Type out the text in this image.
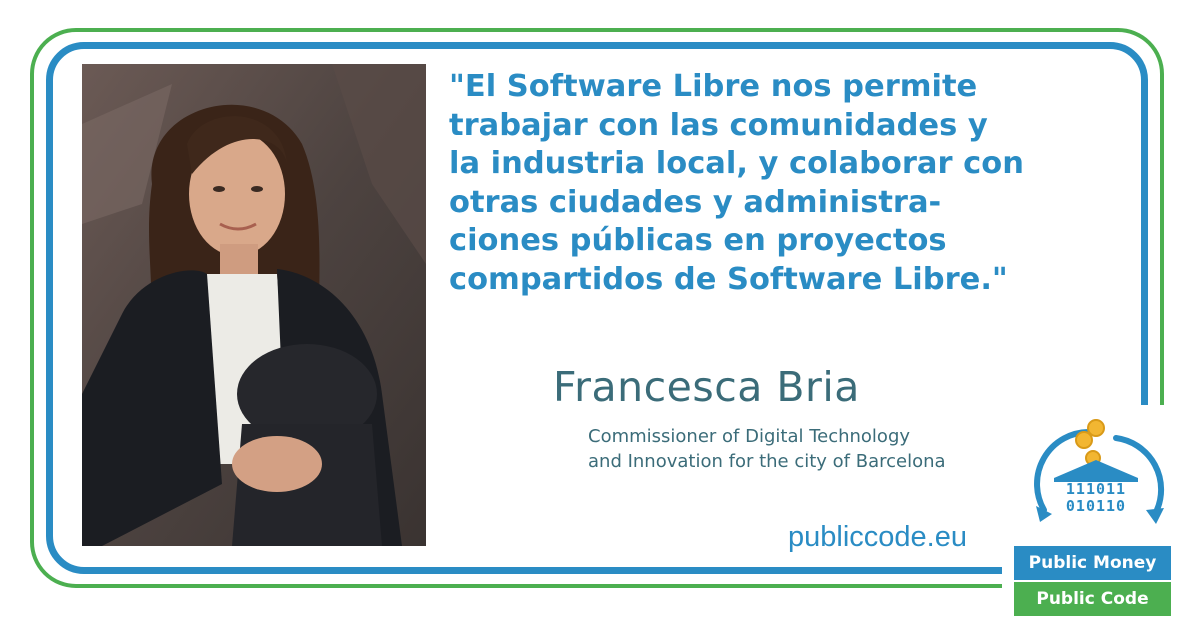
"El Software Libre nos permite
trabajar con las comunidades y
la industria local, y colaborar con
otras ciudades y administra-
ciones públicas en proyectos
compartidos de Software Libre."

Francesca Bria
Commissioner of Digital Technology
and Innovation for the city of Barcelona
publiccode.eu
111011
010110
Public Money
Public Code
